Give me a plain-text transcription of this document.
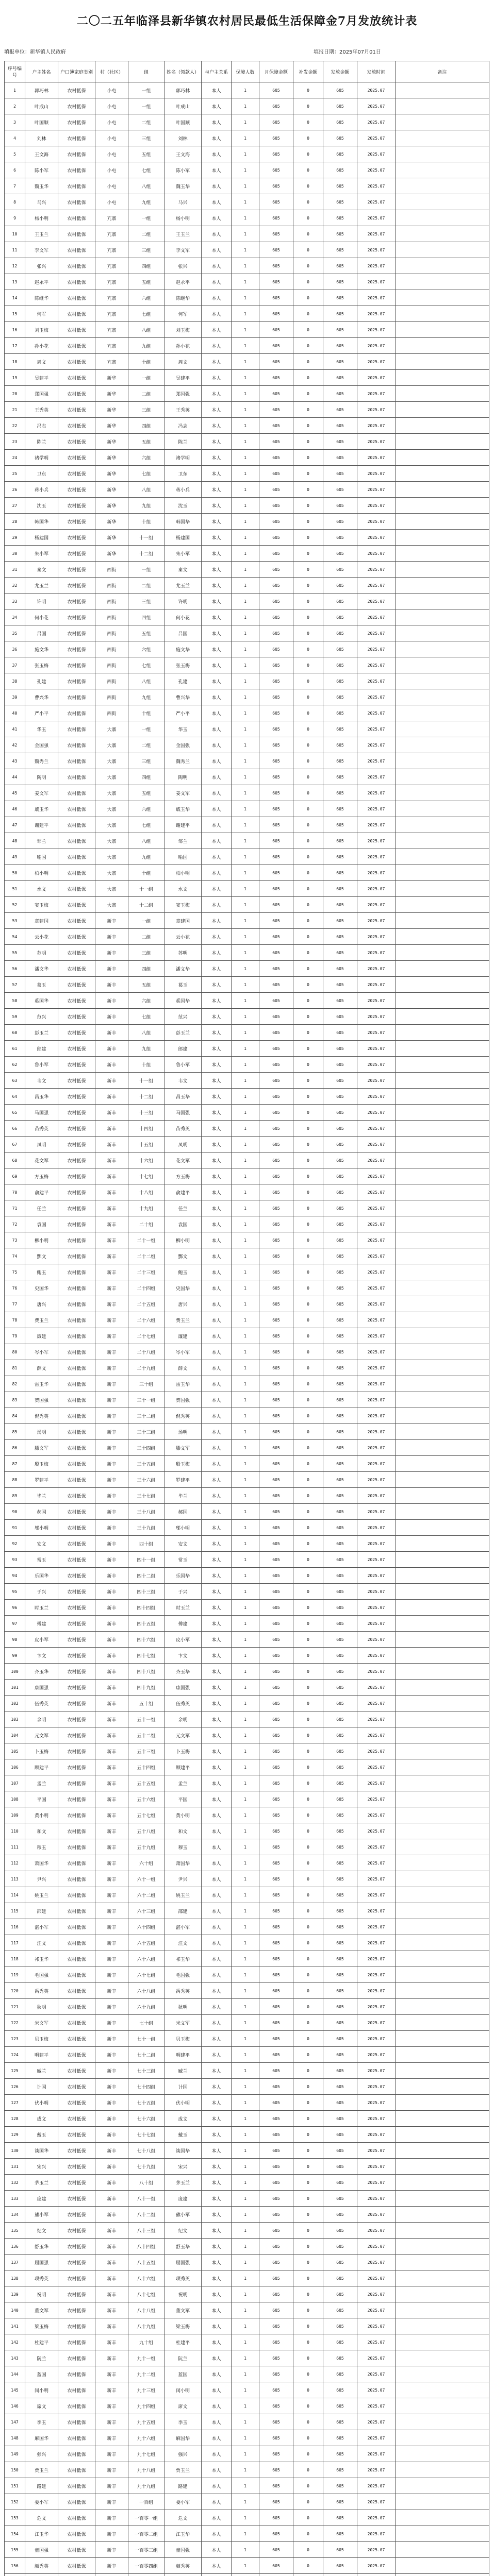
二〇二五年临泽县新华镇农村居民最低生活保障金7月发放统计表
填报单位：新华镇人民政府	填报日期：2025年07月01日
序号编号	户主姓名	户口簿家庭类别	村（社区）	组	姓名（领款人）	与户主关系	保障人数	月保障金额	补发金额	发放金额	发放时间	备注
1	郭巧林	农村低保	小屯	一组	郭巧林	本人	1	605	0	605	2025.07	
2	叶成山	农村低保	小屯	一组	叶成山	本人	1	605	0	605	2025.07	
3	叶国顺	农村低保	小屯	二组	叶国顺	本人	1	605	0	605	2025.07	
4	刘林	农村低保	小屯	三组	刘林	本人	1	605	0	605	2025.07	
5	王文海	农村低保	小屯	五组	王文海	本人	1	605	0	605	2025.07	
6	陈小军	农村低保	小屯	七组	陈小军	本人	1	605	0	605	2025.07	
7	魏玉华	农村低保	小屯	八组	魏玉华	本人	1	605	0	605	2025.07	
8	马兴	农村低保	小屯	九组	马兴	本人	1	605	0	605	2025.07	
9	杨小明	农村低保	亢寨	一组	杨小明	本人	1	605	0	605	2025.07	
10	王玉兰	农村低保	亢寨	二组	王玉兰	本人	1	605	0	605	2025.07	
11	李文军	农村低保	亢寨	三组	李文军	本人	1	605	0	605	2025.07	
12	张兴	农村低保	亢寨	四组	张兴	本人	1	605	0	605	2025.07	
13	赵永平	农村低保	亢寨	五组	赵永平	本人	1	605	0	605	2025.07	
14	陈继华	农村低保	亢寨	六组	陈继华	本人	1	605	0	605	2025.07	
15	何军	农村低保	亢寨	七组	何军	本人	1	605	0	605	2025.07	
16	刘玉梅	农村低保	亢寨	八组	刘玉梅	本人	1	605	0	605	2025.07	
17	孙小花	农村低保	亢寨	九组	孙小花	本人	1	605	0	605	2025.07	
18	周文	农村低保	亢寨	十组	周文	本人	1	605	0	605	2025.07	
19	吴建平	农村低保	新华	一组	吴建平	本人	1	605	0	605	2025.07	
20	郑国强	农村低保	新华	二组	郑国强	本人	1	605	0	605	2025.07	
21	王秀英	农村低保	新华	三组	王秀英	本人	1	605	0	605	2025.07	
22	冯志	农村低保	新华	四组	冯志	本人	1	605	0	605	2025.07	
23	陈兰	农村低保	新华	五组	陈兰	本人	1	605	0	605	2025.07	
24	褚学明	农村低保	新华	六组	褚学明	本人	1	605	0	605	2025.07	
25	卫东	农村低保	新华	七组	卫东	本人	1	605	0	605	2025.07	
26	蒋小兵	农村低保	新华	八组	蒋小兵	本人	1	605	0	605	2025.07	
27	沈玉	农村低保	新华	九组	沈玉	本人	1	605	0	605	2025.07	
28	韩国华	农村低保	新华	十组	韩国华	本人	1	605	0	605	2025.07	
29	杨建国	农村低保	新华	十一组	杨建国	本人	1	605	0	605	2025.07	
30	朱小军	农村低保	新华	十二组	朱小军	本人	1	605	0	605	2025.07	
31	秦文	农村低保	西街	一组	秦文	本人	1	605	0	605	2025.07	
32	尤玉兰	农村低保	西街	二组	尤玉兰	本人	1	605	0	605	2025.07	
33	许明	农村低保	西街	三组	许明	本人	1	605	0	605	2025.07	
34	何小花	农村低保	西街	四组	何小花	本人	1	605	0	605	2025.07	
35	吕国	农村低保	西街	五组	吕国	本人	1	605	0	605	2025.07	
36	施文华	农村低保	西街	六组	施文华	本人	1	605	0	605	2025.07	
37	张玉梅	农村低保	西街	七组	张玉梅	本人	1	605	0	605	2025.07	
38	孔建	农村低保	西街	八组	孔建	本人	1	605	0	605	2025.07	
39	曹兴华	农村低保	西街	九组	曹兴华	本人	1	605	0	605	2025.07	
40	严小平	农村低保	西街	十组	严小平	本人	1	605	0	605	2025.07	
41	华玉	农村低保	大寨	一组	华玉	本人	1	605	0	605	2025.07	
42	金国强	农村低保	大寨	二组	金国强	本人	1	605	0	605	2025.07	
43	魏秀兰	农村低保	大寨	三组	魏秀兰	本人	1	605	0	605	2025.07	
44	陶明	农村低保	大寨	四组	陶明	本人	1	605	0	605	2025.07	
45	姜文军	农村低保	大寨	五组	姜文军	本人	1	605	0	605	2025.07	
46	戚玉华	农村低保	大寨	六组	戚玉华	本人	1	605	0	605	2025.07	
47	谢建平	农村低保	大寨	七组	谢建平	本人	1	605	0	605	2025.07	
48	邹兰	农村低保	大寨	八组	邹兰	本人	1	605	0	605	2025.07	
49	喻国	农村低保	大寨	九组	喻国	本人	1	605	0	605	2025.07	
50	柏小明	农村低保	大寨	十组	柏小明	本人	1	605	0	605	2025.07	
51	水文	农村低保	大寨	十一组	水文	本人	1	605	0	605	2025.07	
52	窦玉梅	农村低保	大寨	十二组	窦玉梅	本人	1	605	0	605	2025.07	
53	章建国	农村低保	新丰	一组	章建国	本人	1	605	0	605	2025.07	
54	云小花	农村低保	新丰	二组	云小花	本人	1	605	0	605	2025.07	
55	苏明	农村低保	新丰	三组	苏明	本人	1	605	0	605	2025.07	
56	潘文华	农村低保	新丰	四组	潘文华	本人	1	605	0	605	2025.07	
57	葛玉	农村低保	新丰	五组	葛玉	本人	1	605	0	605	2025.07	
58	奚国华	农村低保	新丰	六组	奚国华	本人	1	605	0	605	2025.07	
59	范兴	农村低保	新丰	七组	范兴	本人	1	605	0	605	2025.07	
60	彭玉兰	农村低保	新丰	八组	彭玉兰	本人	1	605	0	605	2025.07	
61	郎建	农村低保	新丰	九组	郎建	本人	1	605	0	605	2025.07	
62	鲁小军	农村低保	新丰	十组	鲁小军	本人	1	605	0	605	2025.07	
63	韦文	农村低保	新丰	十一组	韦文	本人	1	605	0	605	2025.07	
64	昌玉华	农村低保	新丰	十二组	昌玉华	本人	1	605	0	605	2025.07	
65	马国强	农村低保	新丰	十三组	马国强	本人	1	605	0	605	2025.07	
66	苗秀英	农村低保	新丰	十四组	苗秀英	本人	1	605	0	605	2025.07	
67	凤明	农村低保	新丰	十五组	凤明	本人	1	605	0	605	2025.07	
68	花文军	农村低保	新丰	十六组	花文军	本人	1	605	0	605	2025.07	
69	方玉梅	农村低保	新丰	十七组	方玉梅	本人	1	605	0	605	2025.07	
70	俞建平	农村低保	新丰	十八组	俞建平	本人	1	605	0	605	2025.07	
71	任兰	农村低保	新丰	十九组	任兰	本人	1	605	0	605	2025.07	
72	袁国	农村低保	新丰	二十组	袁国	本人	1	605	0	605	2025.07	
73	柳小明	农村低保	新丰	二十一组	柳小明	本人	1	605	0	605	2025.07	
74	酆文	农村低保	新丰	二十二组	酆文	本人	1	605	0	605	2025.07	
75	鲍玉	农村低保	新丰	二十三组	鲍玉	本人	1	605	0	605	2025.07	
76	史国华	农村低保	新丰	二十四组	史国华	本人	1	605	0	605	2025.07	
77	唐兴	农村低保	新丰	二十五组	唐兴	本人	1	605	0	605	2025.07	
78	费玉兰	农村低保	新丰	二十六组	费玉兰	本人	1	605	0	605	2025.07	
79	廉建	农村低保	新丰	二十七组	廉建	本人	1	605	0	605	2025.07	
80	岑小军	农村低保	新丰	二十八组	岑小军	本人	1	605	0	605	2025.07	
81	薛文	农村低保	新丰	二十九组	薛文	本人	1	605	0	605	2025.07	
82	雷玉华	农村低保	新丰	三十组	雷玉华	本人	1	605	0	605	2025.07	
83	贺国强	农村低保	新丰	三十一组	贺国强	本人	1	605	0	605	2025.07	
84	倪秀英	农村低保	新丰	三十二组	倪秀英	本人	1	605	0	605	2025.07	
85	汤明	农村低保	新丰	三十三组	汤明	本人	1	605	0	605	2025.07	
86	滕文军	农村低保	新丰	三十四组	滕文军	本人	1	605	0	605	2025.07	
87	殷玉梅	农村低保	新丰	三十五组	殷玉梅	本人	1	605	0	605	2025.07	
88	罗建平	农村低保	新丰	三十六组	罗建平	本人	1	605	0	605	2025.07	
89	毕兰	农村低保	新丰	三十七组	毕兰	本人	1	605	0	605	2025.07	
90	郝国	农村低保	新丰	三十八组	郝国	本人	1	605	0	605	2025.07	
91	邬小明	农村低保	新丰	三十九组	邬小明	本人	1	605	0	605	2025.07	
92	安文	农村低保	新丰	四十组	安文	本人	1	605	0	605	2025.07	
93	常玉	农村低保	新丰	四十一组	常玉	本人	1	605	0	605	2025.07	
94	乐国华	农村低保	新丰	四十二组	乐国华	本人	1	605	0	605	2025.07	
95	于兴	农村低保	新丰	四十三组	于兴	本人	1	605	0	605	2025.07	
96	时玉兰	农村低保	新丰	四十四组	时玉兰	本人	1	605	0	605	2025.07	
97	傅建	农村低保	新丰	四十五组	傅建	本人	1	605	0	605	2025.07	
98	皮小军	农村低保	新丰	四十六组	皮小军	本人	1	605	0	605	2025.07	
99	卞文	农村低保	新丰	四十七组	卞文	本人	1	605	0	605	2025.07	
100	齐玉华	农村低保	新丰	四十八组	齐玉华	本人	1	605	0	605	2025.07	
101	康国强	农村低保	新丰	四十九组	康国强	本人	1	605	0	605	2025.07	
102	伍秀英	农村低保	新丰	五十组	伍秀英	本人	1	605	0	605	2025.07	
103	余明	农村低保	新丰	五十一组	余明	本人	1	605	0	605	2025.07	
104	元文军	农村低保	新丰	五十二组	元文军	本人	1	605	0	605	2025.07	
105	卜玉梅	农村低保	新丰	五十三组	卜玉梅	本人	1	605	0	605	2025.07	
106	顾建平	农村低保	新丰	五十四组	顾建平	本人	1	605	0	605	2025.07	
107	孟兰	农村低保	新丰	五十五组	孟兰	本人	1	605	0	605	2025.07	
108	平国	农村低保	新丰	五十六组	平国	本人	1	605	0	605	2025.07	
109	黄小明	农村低保	新丰	五十七组	黄小明	本人	1	605	0	605	2025.07	
110	和文	农村低保	新丰	五十八组	和文	本人	1	605	0	605	2025.07	
111	穆玉	农村低保	新丰	五十九组	穆玉	本人	1	605	0	605	2025.07	
112	萧国华	农村低保	新丰	六十组	萧国华	本人	1	605	0	605	2025.07	
113	尹兴	农村低保	新丰	六十一组	尹兴	本人	1	605	0	605	2025.07	
114	姚玉兰	农村低保	新丰	六十二组	姚玉兰	本人	1	605	0	605	2025.07	
115	邵建	农村低保	新丰	六十三组	邵建	本人	1	605	0	605	2025.07	
116	湛小军	农村低保	新丰	六十四组	湛小军	本人	1	605	0	605	2025.07	
117	汪文	农村低保	新丰	六十五组	汪文	本人	1	605	0	605	2025.07	
118	祁玉华	农村低保	新丰	六十六组	祁玉华	本人	1	605	0	605	2025.07	
119	毛国强	农村低保	新丰	六十七组	毛国强	本人	1	605	0	605	2025.07	
120	禹秀英	农村低保	新丰	六十八组	禹秀英	本人	1	605	0	605	2025.07	
121	狄明	农村低保	新丰	六十九组	狄明	本人	1	605	0	605	2025.07	
122	米文军	农村低保	新丰	七十组	米文军	本人	1	605	0	605	2025.07	
123	贝玉梅	农村低保	新丰	七十一组	贝玉梅	本人	1	605	0	605	2025.07	
124	明建平	农村低保	新丰	七十二组	明建平	本人	1	605	0	605	2025.07	
125	臧兰	农村低保	新丰	七十三组	臧兰	本人	1	605	0	605	2025.07	
126	计国	农村低保	新丰	七十四组	计国	本人	1	605	0	605	2025.07	
127	伏小明	农村低保	新丰	七十五组	伏小明	本人	1	605	0	605	2025.07	
128	成文	农村低保	新丰	七十六组	成文	本人	1	605	0	605	2025.07	
129	戴玉	农村低保	新丰	七十七组	戴玉	本人	1	605	0	605	2025.07	
130	谈国华	农村低保	新丰	七十八组	谈国华	本人	1	605	0	605	2025.07	
131	宋兴	农村低保	新丰	七十九组	宋兴	本人	1	605	0	605	2025.07	
132	茅玉兰	农村低保	新丰	八十组	茅玉兰	本人	1	605	0	605	2025.07	
133	庞建	农村低保	新丰	八十一组	庞建	本人	1	605	0	605	2025.07	
134	熊小军	农村低保	新丰	八十二组	熊小军	本人	1	605	0	605	2025.07	
135	纪文	农村低保	新丰	八十三组	纪文	本人	1	605	0	605	2025.07	
136	舒玉华	农村低保	新丰	八十四组	舒玉华	本人	1	605	0	605	2025.07	
137	屈国强	农村低保	新丰	八十五组	屈国强	本人	1	605	0	605	2025.07	
138	项秀英	农村低保	新丰	八十六组	项秀英	本人	1	605	0	605	2025.07	
139	祝明	农村低保	新丰	八十七组	祝明	本人	1	605	0	605	2025.07	
140	董文军	农村低保	新丰	八十八组	董文军	本人	1	605	0	605	2025.07	
141	梁玉梅	农村低保	新丰	八十九组	梁玉梅	本人	1	605	0	605	2025.07	
142	杜建平	农村低保	新丰	九十组	杜建平	本人	1	605	0	605	2025.07	
143	阮兰	农村低保	新丰	九十一组	阮兰	本人	1	605	0	605	2025.07	
144	蓝国	农村低保	新丰	九十二组	蓝国	本人	1	605	0	605	2025.07	
145	闵小明	农村低保	新丰	九十三组	闵小明	本人	1	605	0	605	2025.07	
146	席文	农村低保	新丰	九十四组	席文	本人	1	605	0	605	2025.07	
147	季玉	农村低保	新丰	九十五组	季玉	本人	1	605	0	605	2025.07	
148	麻国华	农村低保	新丰	九十六组	麻国华	本人	1	605	0	605	2025.07	
149	强兴	农村低保	新丰	九十七组	强兴	本人	1	605	0	605	2025.07	
150	贾玉兰	农村低保	新丰	九十八组	贾玉兰	本人	1	605	0	605	2025.07	
151	路建	农村低保	新丰	九十九组	路建	本人	1	605	0	605	2025.07	
152	娄小军	农村低保	新丰	一百组	娄小军	本人	1	605	0	605	2025.07	
153	危文	农村低保	新丰	一百零一组	危文	本人	1	605	0	605	2025.07	
154	江玉华	农村低保	新丰	一百零二组	江玉华	本人	1	605	0	605	2025.07	
155	童国强	农村低保	新丰	一百零三组	童国强	本人	1	605	0	605	2025.07	
156	颜秀英	农村低保	新丰	一百零四组	颜秀英	本人	1	605	0	605	2025.07	
